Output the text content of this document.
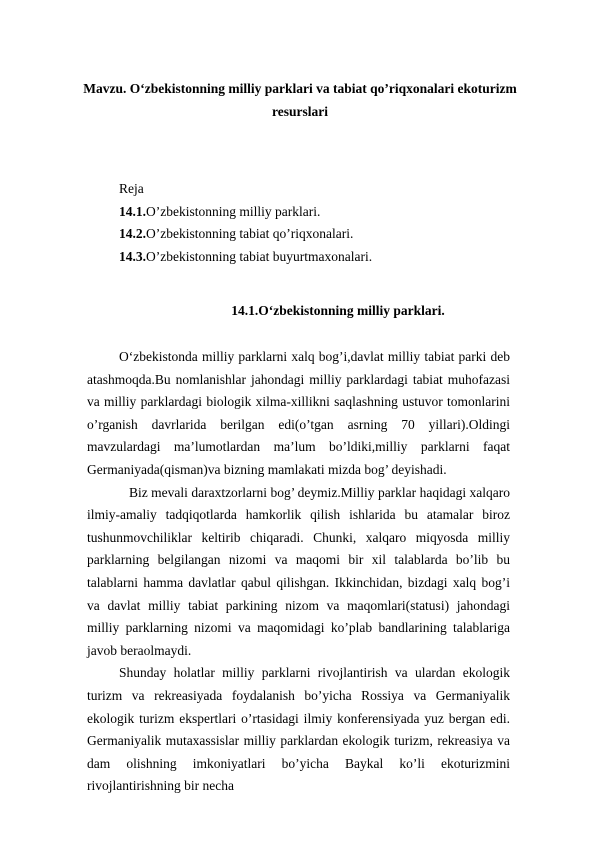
Mavzu. O‘zbekistonning milliy parklari va tabiat qo’riqxonalari ekoturizm resurslari
Reja
14.1.O’zbekistonning milliy parklari.
14.2.O’zbekistonning tabiat qo’riqxonalari.
14.3.O’zbekistonning tabiat buyurtmaxonalari.
14.1.O‘zbekistonning milliy parklari.

O‘zbekistonda milliy parklarni xalq bog’i,davlat milliy tabiat parki deb atashmoqda.Bu nomlanishlar jahondagi milliy parklardagi tabiat muhofazasi va milliy parklardagi biologik xilma-xillikni saqlashning ustuvor tomonlarini o’rganish davrlarida berilgan edi(o’tgan asrning 70 yillari).Oldingi mavzulardagi ma’lumotlardan ma’lum bo’ldiki,milliy parklarni faqat Germaniyada(qisman)va bizning mamlakati mizda bog’ deyishadi.

Biz mevali daraxtzorlarni bog’ deymiz.Milliy parklar haqidagi xalqaro ilmiy-amaliy tadqiqotlarda hamkorlik qilish ishlarida bu atamalar biroz tushunmovchiliklar keltirib chiqaradi. Chunki, xalqaro miqyosda milliy parklarning belgilangan nizomi va maqomi bir xil talablarda bo’lib bu talablarni hamma davlatlar qabul qilishgan. Ikkinchidan, bizdagi xalq bog’i va davlat milliy tabiat parkining nizom va maqomlari(statusi) jahondagi milliy parklarning nizomi va maqomidagi ko’plab bandlarining talablariga javob beraolmaydi.

Shunday holatlar milliy parklarni rivojlantirish va ulardan ekologik turizm va rekreasiyada foydalanish bo’yicha Rossiya va Germaniyalik ekologik turizm ekspertlari o’rtasidagi ilmiy konferensiyada yuz bergan edi. Germaniyalik mutaxassislar milliy parklardan ekologik turizm, rekreasiya va dam olishning imkoniyatlari bo’yicha Baykal ko’li ekoturizmini rivojlantirishning bir necha
